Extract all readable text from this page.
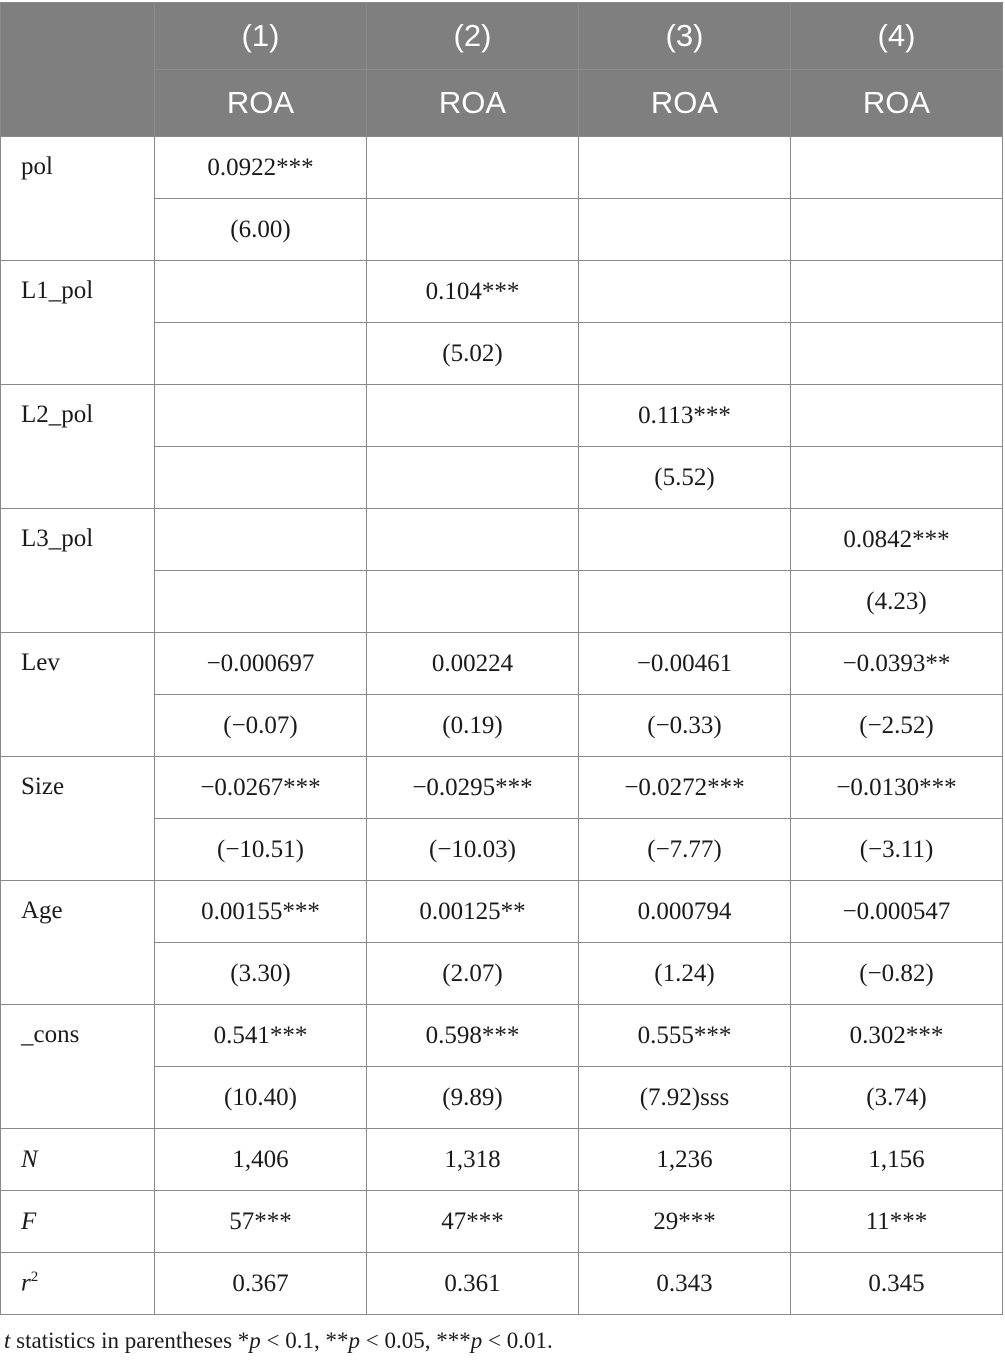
	(1)	(2)	(3)	(4)
	ROA	ROA	ROA	ROA
pol	0.0922***			
	(6.00)			
L1_pol		0.104***		
		(5.02)		
L2_pol			0.113***	
			(5.52)	
L3_pol				0.0842***
				(4.23)
Lev	−0.000697	0.00224	−0.00461	−0.0393**
	(−0.07)	(0.19)	(−0.33)	(−2.52)
Size	−0.0267***	−0.0295***	−0.0272***	−0.0130***
	(−10.51)	(−10.03)	(−7.77)	(−3.11)
Age	0.00155***	0.00125**	0.000794	−0.000547
	(3.30)	(2.07)	(1.24)	(−0.82)
_cons	0.541***	0.598***	0.555***	0.302***
	(10.40)	(9.89)	(7.92)sss	(3.74)
N	1,406	1,318	1,236	1,156
F	57***	47***	29***	11***
$r^2$	0.367	0.361	0.343	0.345
t statistics in parentheses *p < 0.1, **p < 0.05, ***p < 0.01.
